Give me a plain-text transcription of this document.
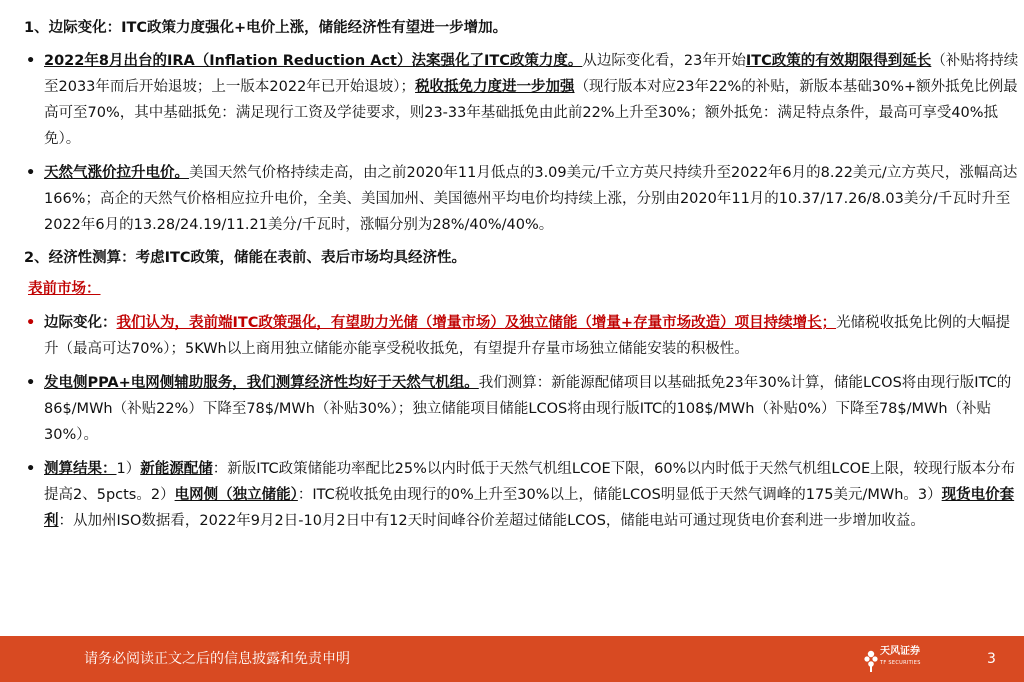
1、边际变化：ITC政策力度强化+电价上涨，储能经济性有望进一步增加。
• 2022年8月出台的IRA（Inflation Reduction Act）法案强化了ITC政策力度。从边际变化看，23年开始ITC政策的有效期限得到延长（补贴将持续至2033年而后开始退坡；上一版本2022年已开始退坡）；税收抵免力度进一步加强（现行版本对应23年22%的补贴，新版本基础30%+额外抵免比例最高可至70%，其中基础抵免：满足现行工资及学徒要求，则23-33年基础抵免由此前22%上升至30%；额外抵免：满足特点条件，最高可享受40%抵免）。
• 天然气涨价拉升电价。美国天然气价格持续走高，由之前2020年11月低点的3.09美元/千立方英尺持续升至2022年6月的8.22美元/立方英尺，涨幅高达166%；高企的天然气价格相应拉升电价，全美、美国加州、美国德州平均电价均持续上涨，分别由2020年11月的10.37/17.26/8.03美分/千瓦时升至2022年6月的13.28/24.19/11.21美分/千瓦时，涨幅分别为28%/40%/40%。
2、经济性测算：考虑ITC政策，储能在表前、表后市场均具经济性。
表前市场：
• 边际变化：我们认为，表前端ITC政策强化，有望助力光储（增量市场）及独立储能（增量+存量市场改造）项目持续增长；光储税收抵免比例的大幅提升（最高可达70%）；5KWh以上商用独立储能亦能享受税收抵免，有望提升存量市场独立储能安装的积极性。
• 发电侧PPA+电网侧辅助服务，我们测算经济性均好于天然气机组。我们测算：新能源配储项目以基础抵免23年30%计算，储能LCOS将由现行版ITC的86$/MWh（补贴22%）下降至78$/MWh（补贴30%）；独立储能项目储能LCOS将由现行版ITC的108$/MWh（补贴0%）下降至78$/MWh（补贴30%）。
• 测算结果：1）新能源配储：新版ITC政策储能功率配比25%以内时低于天然气机组LCOE下限，60%以内时低于天然气机组LCOE上限，较现行版本分布提高2、5pcts。2）电网侧（独立储能）：ITC税收抵免由现行的0%上升至30%以上，储能LCOS明显低于天然气调峰的175美元/MWh。3）现货电价套利：从加州ISO数据看，2022年9月2日-10月2日中有12天时间峰谷价差超过储能LCOS，储能电站可通过现货电价套利进一步增加收益。
请务必阅读正文之后的信息披露和免责申明	天风证券
TF SECURITIES	3
